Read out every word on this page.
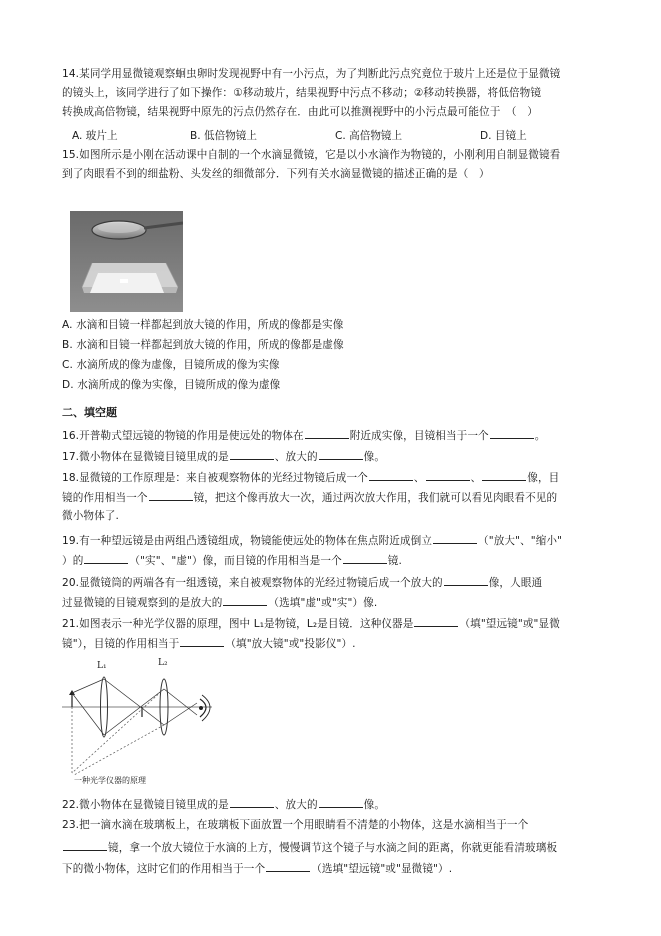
14.某同学用显微镜观察蛔虫卵时发现视野中有一小污点，为了判断此污点究竟位于玻片上还是位于显微镜
的镜头上，该同学进行了如下操作：①移动玻片，结果视野中污点不移动；②移动转换器，将低倍物镜
转换成高倍物镜，结果视野中原先的污点仍然存在．由此可以推测视野中的小污点最可能位于　（　）
A. 玻片上	B. 低倍物镜上	C. 高倍物镜上	D. 目镜上
15.如图所示是小刚在活动课中自制的一个水滴显微镜，它是以小水滴作为物镜的，小刚利用自制显微镜看
到了肉眼看不到的细盐粉、头发丝的细微部分．下列有关水滴显微镜的描述正确的是（　）
A. 水滴和目镜一样都起到放大镜的作用，所成的像都是实像
B. 水滴和目镜一样都起到放大镜的作用，所成的像都是虚像
C. 水滴所成的像为虚像，目镜所成的像为实像
D. 水滴所成的像为实像，目镜所成的像为虚像
二、填空题
16.开普勒式望远镜的物镜的作用是使远处的物体在	附近成实像，目镜相当于一个	。
17.微小物体在显微镜目镜里成的是	、放大的	像。
18.显微镜的工作原理是：来自被观察物体的光经过物镜后成一个	、	、	像，目
镜的作用相当一个	镜，把这个像再放大一次，通过两次放大作用，我们就可以看见肉眼看不见的
微小物体了.
19.有一种望远镜是由两组凸透镜组成，物镜能使远处的物体在焦点附近成倒立	（"放大"、"缩小"
）的	（"实"、"虚"）像，而目镜的作用相当是一个	镜.
20.显微镜筒的两端各有一组透镜，来自被观察物体的光经过物镜后成一个放大的	像，人眼通
过显微镜的目镜观察到的是放大的	（选填"虚"或"实"）像.
21.如图表示一种光学仪器的原理，图中 L₁是物镜，L₂是目镜．这种仪器是	（填"望远镜"或"显微
镜"），目镜的作用相当于	（填"放大镜"或"投影仪"）.
L₁	L₂
一种光学仪器的原理
22.微小物体在显微镜目镜里成的是	、放大的	像。
23.把一滴水滴在玻璃板上，在玻璃板下面放置一个用眼睛看不清楚的小物体，这是水滴相当于一个
镜，拿一个放大镜位于水滴的上方，慢慢调节这个镜子与水滴之间的距离，你就更能看清玻璃板
下的微小物体，这时它们的作用相当于一个	（选填"望远镜"或"显微镜"）.
